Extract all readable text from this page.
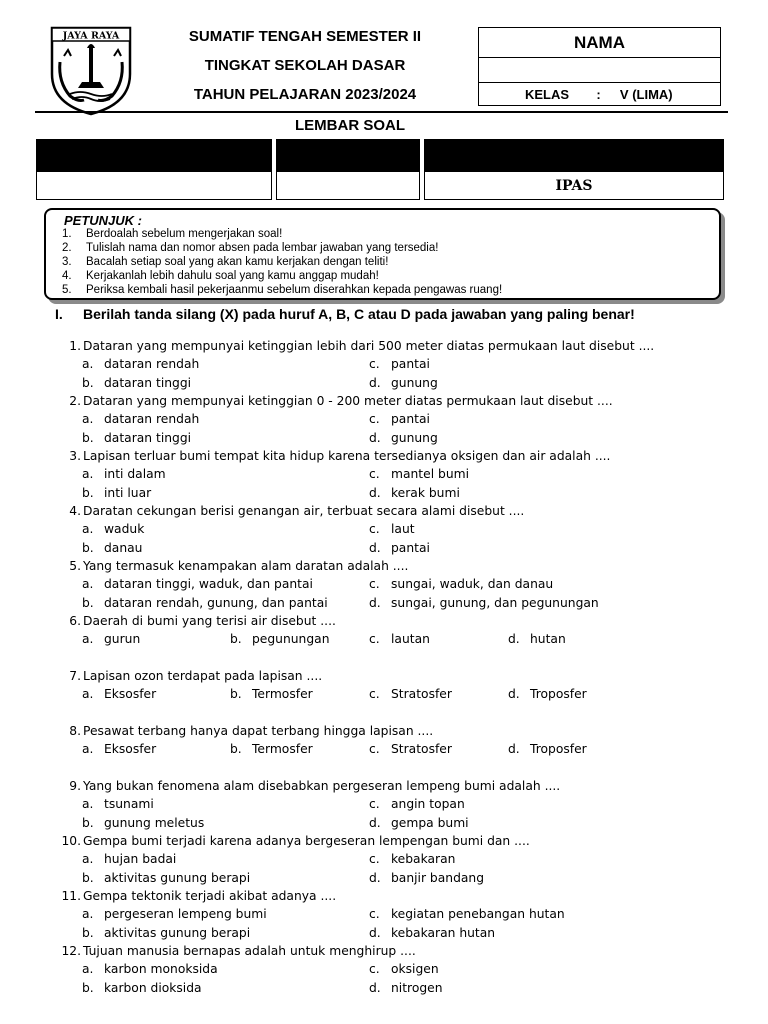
JAYA RAYA	SUMATIF TENGAH SEMESTER II
TINGKAT SEKOLAH DASAR
TAHUN PELAJARAN 2023/2024
NAMA
KELAS : V (LIMA)
LEMBAR SOAL
IPAS
PETUNJUK :
1. Berdoalah sebelum mengerjakan soal!
2. Tulislah nama dan nomor absen pada lembar jawaban yang tersedia!
3. Bacalah setiap soal yang akan kamu kerjakan dengan teliti!
4. Kerjakanlah lebih dahulu soal yang kamu anggap mudah!
5. Periksa kembali hasil pekerjaanmu sebelum diserahkan kepada pengawas ruang!
I. Berilah tanda silang (X) pada huruf A, B, C atau D pada jawaban yang paling benar!
1. Dataran yang mempunyai ketinggian lebih dari 500 meter diatas permukaan laut disebut ....
a. dataran rendah	c. pantai
b. dataran tinggi	d. gunung
2. Dataran yang mempunyai ketinggian 0 - 200 meter diatas permukaan laut disebut ....
a. dataran rendah	c. pantai
b. dataran tinggi	d. gunung
3. Lapisan terluar bumi tempat kita hidup karena tersedianya oksigen dan air adalah ....
a. inti dalam	c. mantel bumi
b. inti luar	d. kerak bumi
4. Daratan cekungan berisi genangan air, terbuat secara alami disebut ....
a. waduk	c. laut
b. danau	d. pantai
5. Yang termasuk kenampakan alam daratan adalah ....
a. dataran tinggi, waduk, dan pantai	c. sungai, waduk, dan danau
b. dataran rendah, gunung, dan pantai	d. sungai, gunung, dan pegunungan
6. Daerah di bumi yang terisi air disebut ....
a. gurun	b. pegunungan	c. lautan	d. hutan
7. Lapisan ozon terdapat pada lapisan ....
a. Eksosfer	b. Termosfer	c. Stratosfer	d. Troposfer
8. Pesawat terbang hanya dapat terbang hingga lapisan ....
a. Eksosfer	b. Termosfer	c. Stratosfer	d. Troposfer
9. Yang bukan fenomena alam disebabkan pergeseran lempeng bumi adalah ....
a. tsunami	c. angin topan
b. gunung meletus	d. gempa bumi
10. Gempa bumi terjadi karena adanya bergeseran lempengan bumi dan ....
a. hujan badai	c. kebakaran
b. aktivitas gunung berapi	d. banjir bandang
11. Gempa tektonik terjadi akibat adanya ....
a. pergeseran lempeng bumi	c. kegiatan penebangan hutan
b. aktivitas gunung berapi	d. kebakaran hutan
12. Tujuan manusia bernapas adalah untuk menghirup ....
a. karbon monoksida	c. oksigen
b. karbon dioksida	d. nitrogen
